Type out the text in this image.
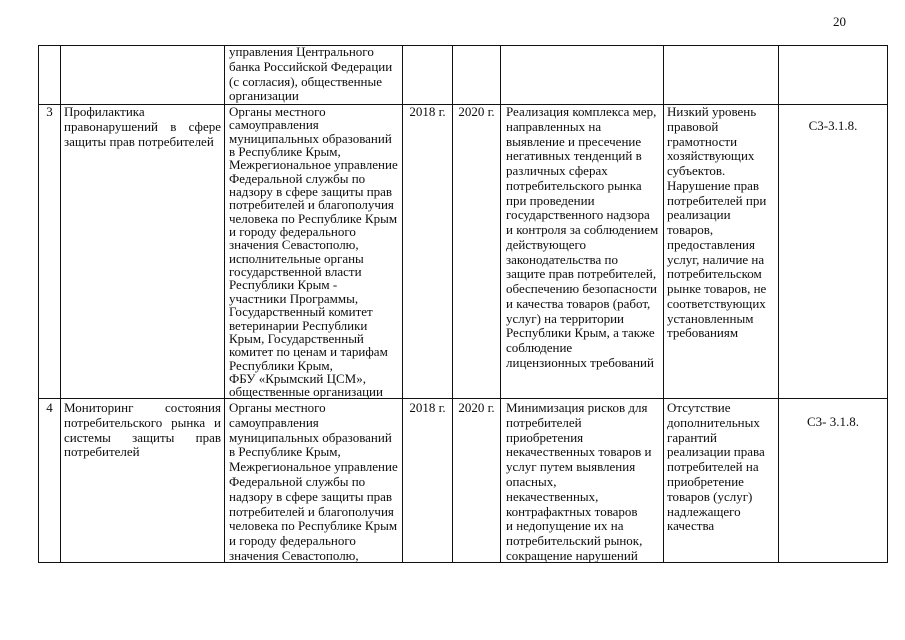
20
управления Центрального
банка Российской Федерации
(с согласия), общественные
организации
3 Профилактика
правонарушений в сфере
защиты прав потребителей
Органы местного
самоуправления
муниципальных образований
в Республике Крым,
Межрегиональное управление
Федеральной службы по
надзору в сфере защиты прав
потребителей и благополучия
человека по Республике Крым
и городу федерального
значения Севастополю,
исполнительные органы
государственной власти
Республики Крым -
участники Программы,
Государственный комитет
ветеринарии Республики
Крым, Государственный
комитет по ценам и тарифам
Республики Крым,
ФБУ «Крымский ЦСМ»,
общественные организации
2018 г. 2020 г. Реализация комплекса мер,
направленных на
выявление и пресечение
негативных тенденций в
различных сферах
потребительского рынка
при проведении
государственного надзора
и контроля за соблюдением
действующего
законодательства по
защите прав потребителей,
обеспечению безопасности
и качества товаров (работ,
услуг) на территории
Республики Крым, а также
соблюдение
лицензионных требований
Низкий уровень
правовой
грамотности
хозяйствующих
субъектов.
Нарушение прав
потребителей при
реализации
товаров,
предоставления
услуг, наличие на
потребительском
рынке товаров, не
соответствующих
установленным
требованиям
С3-3.1.8.
4 Мониторинг состояния
потребительского рынка и
системы защиты прав
потребителей
Органы местного
самоуправления
муниципальных образований
в Республике Крым,
Межрегиональное управление
Федеральной службы по
надзору в сфере защиты прав
потребителей и благополучия
человека по Республике Крым
и городу федерального
значения Севастополю,
2018 г. 2020 г. Минимизация рисков для
потребителей
приобретения
некачественных товаров и
услуг путем выявления
опасных,
некачественных,
контрафактных товаров
и недопущение их на
потребительский рынок,
сокращение нарушений
Отсутствие
дополнительных
гарантий
реализации права
потребителей на
приобретение
товаров (услуг)
надлежащего
качества
С3- 3.1.8.
